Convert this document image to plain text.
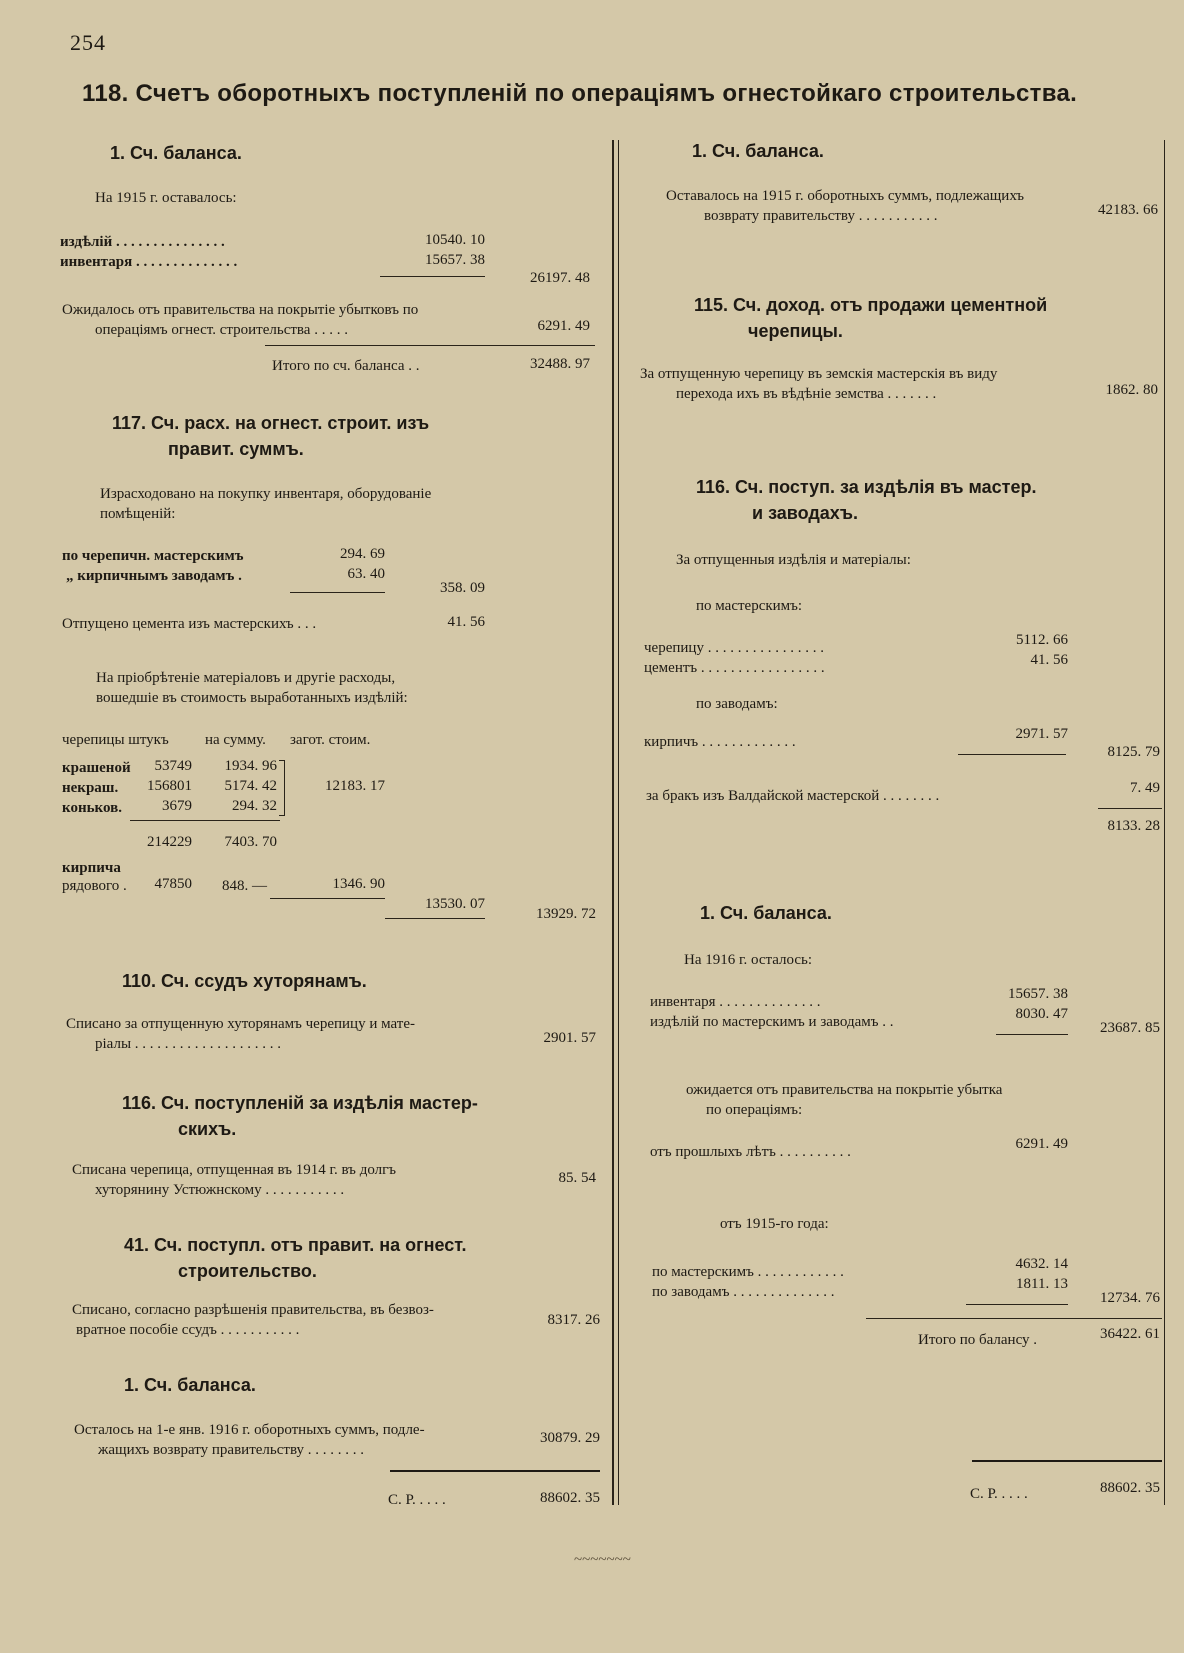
254
118. Счетъ оборотныхъ поступленій по операціямъ огнестойкаго строительства.
1. Сч. баланса.
На 1915 г. оставалось:
издѣлій . . . . . . . . . . . . . . .	10540. 10
инвентаря . . . . . . . . . . . . . .	15657. 38
26197. 48
Ожидалось отъ правительства на покрытіе убытковъ по
операціямъ огнест. строительства . . . . .	6291. 49
Итого по сч. баланса . .	32488. 97
117. Сч. расх. на огнест. строит. изъ
правит. суммъ.
Израсходовано на покупку инвентаря, оборудованіе
помѣщеній:
по черепичн. мастерскимъ	294. 69
„ кирпичнымъ заводамъ .	63. 40
358. 09
Отпущено цемента изъ мастерскихъ . . .	41. 56
На пріобрѣтеніе матеріаловъ и другіе расходы,
вошедшіе въ стоимость выработанныхъ издѣлій:
черепицы штукъ на сумму. загот. стоим.
крашеной	53749	1934. 96
некраш.	156801	5174. 42
коньков.	3679	294. 32
12183. 17
214229	7403. 70
кирпича
рядового .	47850 848. —	1346. 90
13530. 07
13929. 72
110. Сч. ссудъ хуторянамъ.
Списано за отпущенную хуторянамъ черепицу и мате-
ріалы . . . . . . . . . . . . . . . . . . . .	2901. 57
116. Сч. поступленій за издѣлія мастер-
скихъ.
Списана черепица, отпущенная въ 1914 г. въ долгъ
хуторянину Устюжнскому . . . . . . . . . . .
85. 54
41. Сч. поступл. отъ правит. на огнест.
строительство.
Списано, согласно разрѣшенія правительства, въ безвоз-
вратное пособіе ссудъ . . . . . . . . . . .
8317. 26
1. Сч. баланса.
Осталось на 1-е янв. 1916 г. оборотныхъ суммъ, подле-
жащихъ возврату правительству . . . . . . . .
30879. 29
С. Р. . . . .	88602. 35
1. Сч. баланса.
Оставалось на 1915 г. оборотныхъ суммъ, подлежащихъ
возврату правительству . . . . . . . . . . .	42183. 66
115. Сч. доход. отъ продажи цементной
черепицы.
За отпущенную черепицу въ земскія мастерскія въ виду
перехода ихъ въ вѣдѣніе земства . . . . . . .	1862. 80
116. Сч. поступ. за издѣлія въ мастер.
и заводахъ.
За отпущенныя издѣлія и матеріалы:
по мастерскимъ:
черепицу . . . . . . . . . . . . . . . .	5112. 66
цементъ . . . . . . . . . . . . . . . . .	41. 56
по заводамъ:
кирпичъ . . . . . . . . . . . . .	2971. 57
8125. 79
за бракъ изъ Валдайской мастерской . . . . . . . .	7. 49
8133. 28
1. Сч. баланса.
На 1916 г. осталось:
инвентаря . . . . . . . . . . . . . .	15657. 38
издѣлій по мастерскимъ и заводамъ . .	8030. 47
23687. 85
ожидается отъ правительства на покрытіе убытка
по операціямъ:
отъ прошлыхъ лѣтъ . . . . . . . . . .	6291. 49
отъ 1915-го года:
по мастерскимъ . . . . . . . . . . . .	4632. 14
по заводамъ . . . . . . . . . . . . . .	1811. 13
12734. 76
Итого по балансу .	36422. 61
С. Р. . . . .	88602. 35
~~~~~~~
